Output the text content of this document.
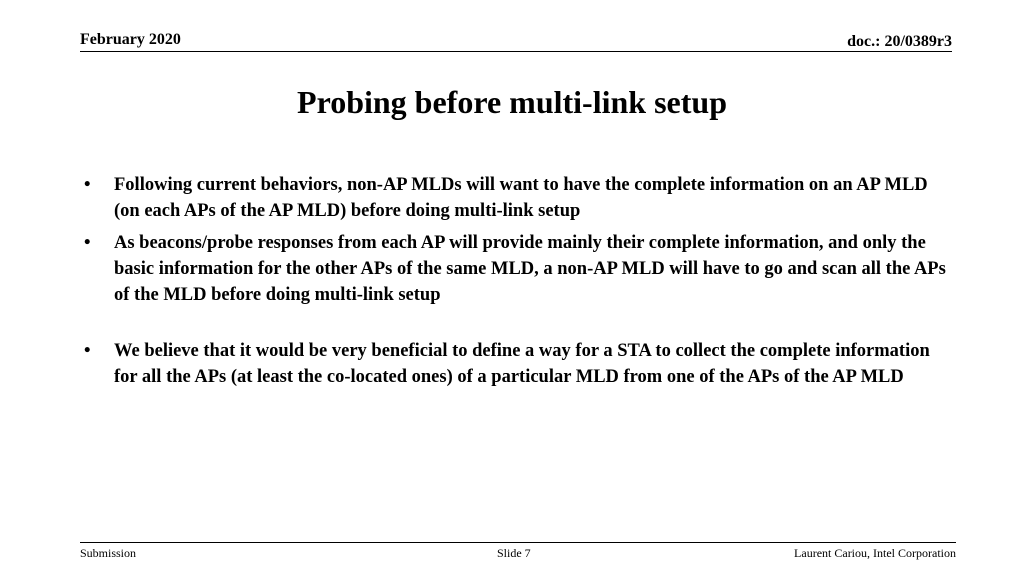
February 2020	doc.: 20/0389r3
Probing before multi-link setup
• Following current behaviors, non-AP MLDs will want to have the complete information on an AP MLD (on each APs of the AP MLD) before doing multi-link setup
• As beacons/probe responses from each AP will provide mainly their complete information, and only the basic information for the other APs of the same MLD, a non-AP MLD will have to go and scan all the APs of the MLD before doing multi-link setup
• We believe that it would be very beneficial to define a way for a STA to collect the complete information for all the APs (at least the co-located ones) of a particular MLD from one of the APs of the AP MLD
Submission	Slide 7	Laurent Cariou, Intel Corporation
